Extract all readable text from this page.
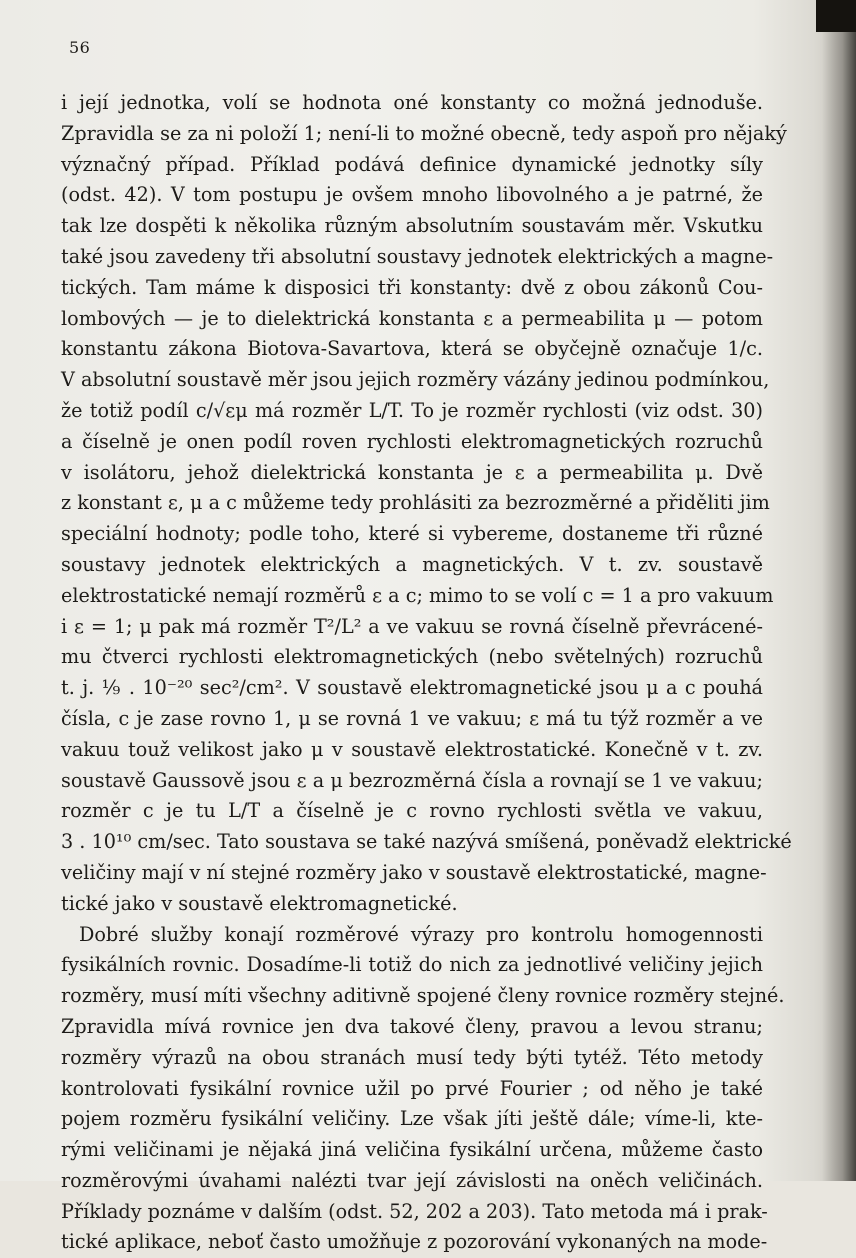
56
i její jednotka, volí se hodnota oné konstanty co možná jednoduše.
Zpravidla se za ni položí 1; není-li to možné obecně, tedy aspoň pro nějaký
význačný případ. Příklad podává definice dynamické jednotky síly
(odst. 42). V tom postupu je ovšem mnoho libovolného a je patrné, že
tak lze dospěti k několika různým absolutním soustavám měr. Vskutku
také jsou zavedeny tři absolutní soustavy jednotek elektrických a magne-
tických. Tam máme k disposici tři konstanty: dvě z obou zákonů Cou-
lombových — je to dielektrická konstanta ε a permeabilita μ — potom
konstantu zákona Biotova-Savartova, která se obyčejně označuje 1/c.
V absolutní soustavě měr jsou jejich rozměry vázány jedinou podmínkou,
že totiž podíl c/√εμ má rozměr L/T. To je rozměr rychlosti (viz odst. 30)
a číselně je onen podíl roven rychlosti elektromagnetických rozruchů
v isolátoru, jehož dielektrická konstanta je ε a permeabilita μ. Dvě
z konstant ε, μ a c můžeme tedy prohlásiti za bezrozměrné a přiděliti jim
speciální hodnoty; podle toho, které si vybereme, dostaneme tři různé
soustavy jednotek elektrických a magnetických. V t. zv. soustavě
elektrostatické nemají rozměrů ε a c; mimo to se volí c = 1 a pro vakuum
i ε = 1; μ pak má rozměr T²/L² a ve vakuu se rovná číselně převrácené-
mu čtverci rychlosti elektromagnetických (nebo světelných) rozruchů
t. j. ⅑ . 10⁻²⁰ sec²/cm². V soustavě elektromagnetické jsou μ a c pouhá
čísla, c je zase rovno 1, μ se rovná 1 ve vakuu; ε má tu týž rozměr a ve
vakuu touž velikost jako μ v soustavě elektrostatické. Konečně v t. zv.
soustavě Gaussově jsou ε a μ bezrozměrná čísla a rovnají se 1 ve vakuu;
rozměr c je tu L/T a číselně je c rovno rychlosti světla ve vakuu,
3 . 10¹⁰ cm/sec. Tato soustava se také nazývá smíšená, poněvadž elektrické
veličiny mají v ní stejné rozměry jako v soustavě elektrostatické, magne-
tické jako v soustavě elektromagnetické.
Dobré služby konají rozměrové výrazy pro kontrolu homogennosti
fysikálních rovnic. Dosadíme-li totiž do nich za jednotlivé veličiny jejich
rozměry, musí míti všechny aditivně spojené členy rovnice rozměry stejné.
Zpravidla mívá rovnice jen dva takové členy, pravou a levou stranu;
rozměry výrazů na obou stranách musí tedy býti tytéž. Této metody
kontrolovati fysikální rovnice užil po prvé Fourier ; od něho je také
pojem rozměru fysikální veličiny. Lze však jíti ještě dále; víme-li, kte-
rými veličinami je nějaká jiná veličina fysikální určena, můžeme často
rozměrovými úvahami nalézti tvar její závislosti na oněch veličinách.
Příklady poznáme v dalším (odst. 52, 202 a 203). Tato metoda má i prak-
tické aplikace, neboť často umožňuje z pozorování vykonaných na mode-
